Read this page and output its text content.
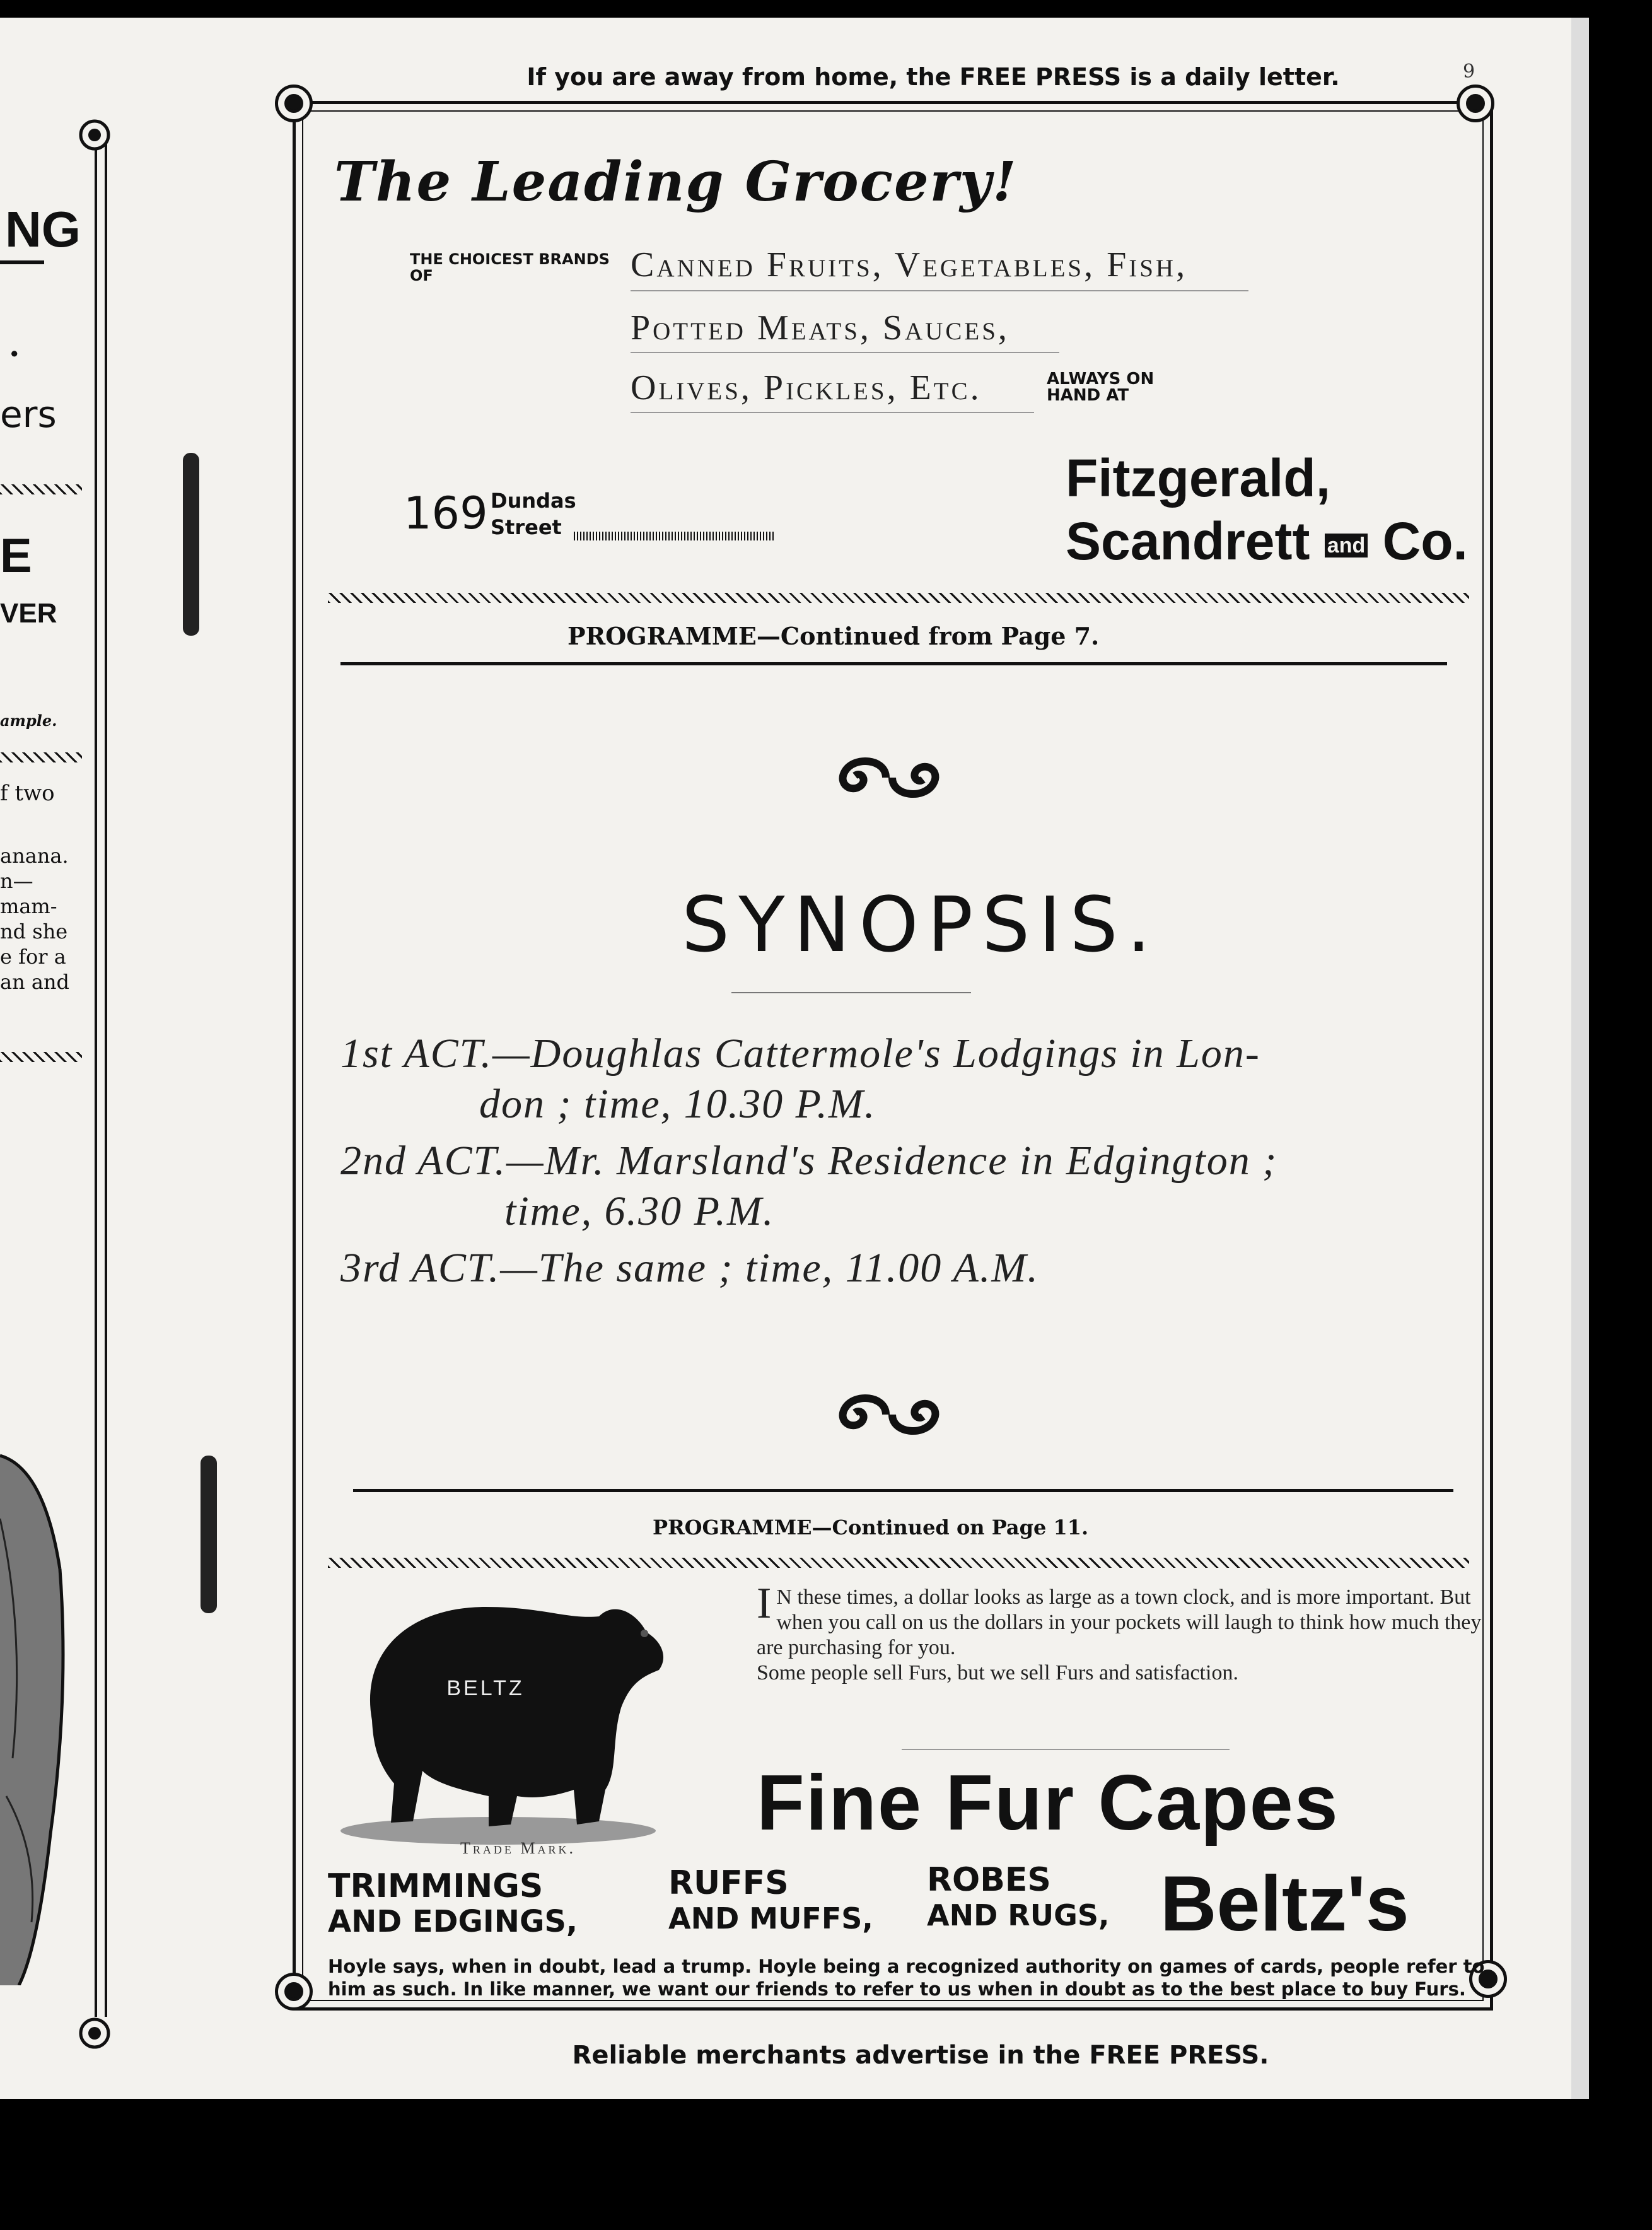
NG
.
ers
E
VER
ample.
f two
anana.
n—
mam-
nd she
e for a
an and
If you are away from home, the FREE PRESS is a daily letter.	9
The Leading Grocery!
THE CHOICEST BRANDS OF	Canned Fruits, Vegetables, Fish,
Potted Meats, Sauces,
Olives, Pickles, Etc.	ALWAYS ON HAND AT
169 Dundas
Street
Fitzgerald,
Scandrett and Co.
PROGRAMME—Continued from Page 7.
SYNOPSIS.
1st ACT.—Doughlas Cattermole's Lodgings in Lon-
don ; time, 10.30 P.M.
2nd ACT.—Mr. Marsland's Residence in Edgington ;
time, 6.30 P.M.
3rd ACT.—The same ; time, 11.00 A.M.
PROGRAMME—Continued on Page 11.
BELTZ
Trade Mark.
I N these times, a dollar looks as large as a town clock, and is more important. But when you call on us the dollars in your pockets will laugh to think how much they are purchasing for you.
Some people sell Furs, but we sell Furs and satisfaction.
Fine Fur Capes
TRIMMINGS
AND EDGINGS,
RUFFS
AND MUFFS,
ROBES
AND RUGS, Beltz's
Hoyle says, when in doubt, lead a trump. Hoyle being a recognized authority on games of cards, people refer to him as such. In like manner, we want our friends to refer to us when in doubt as to the best place to buy Furs.
Reliable merchants advertise in the FREE PRESS.
